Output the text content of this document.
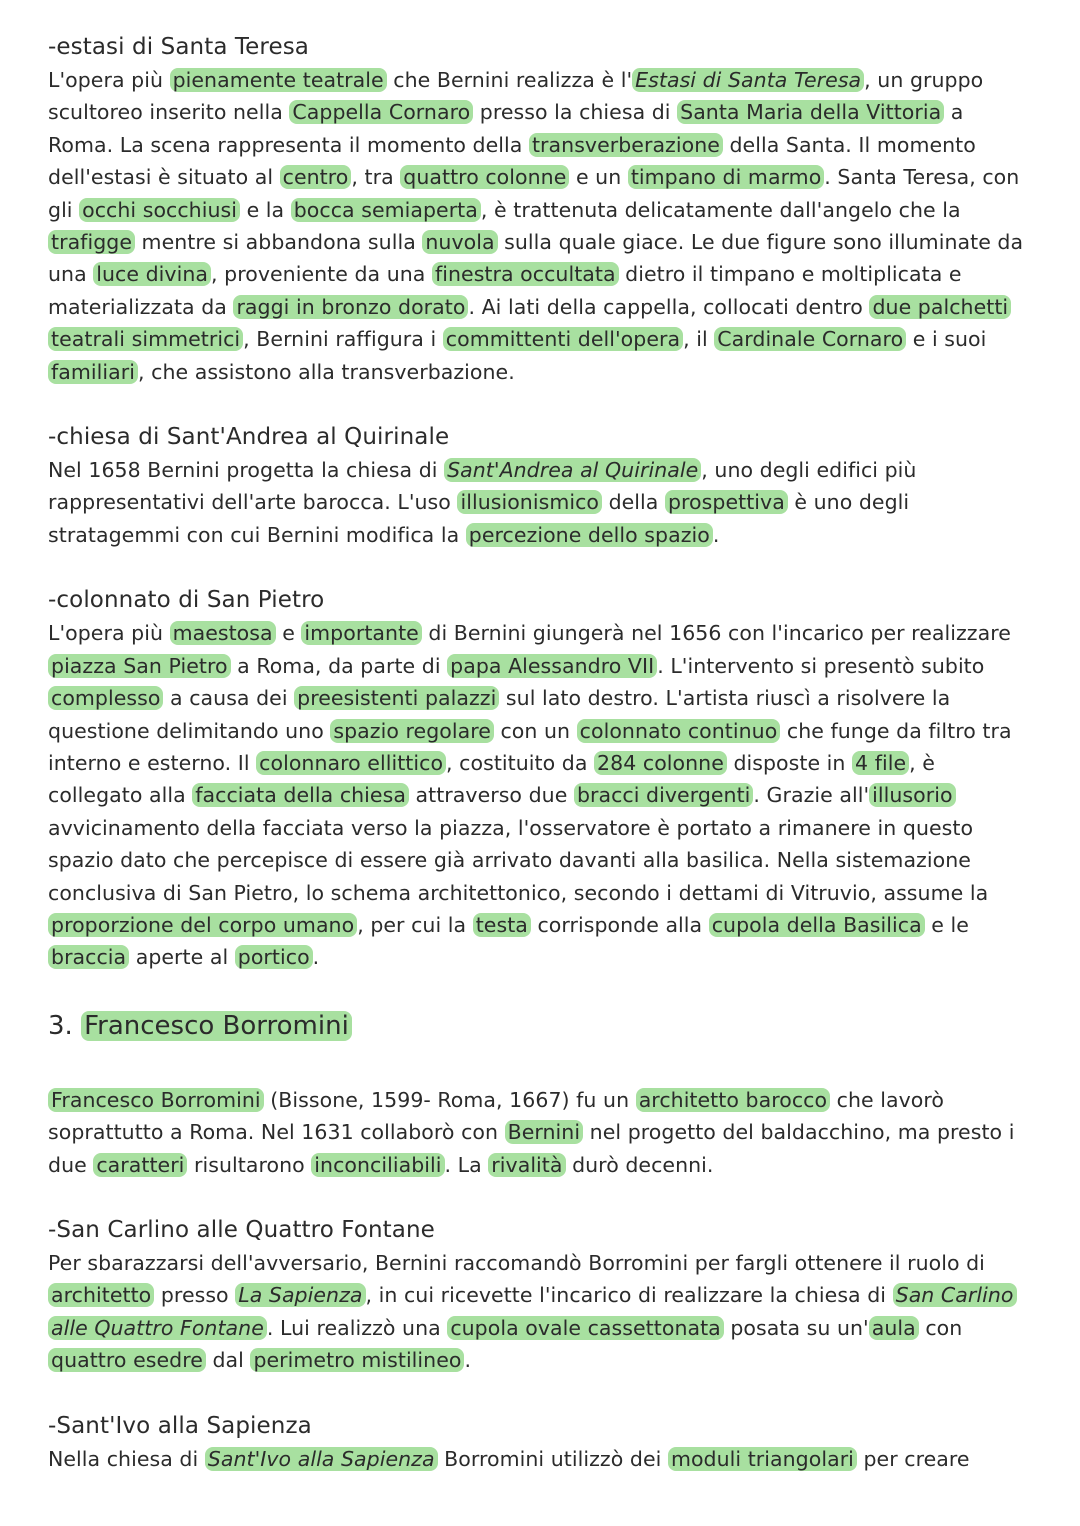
-estasi di Santa Teresa

L'opera più pienamente teatrale che Bernini realizza è l' Estasi di Santa Teresa , un gruppo scultoreo inserito nella Cappella Cornaro presso la chiesa di Santa Maria della Vittoria a Roma. La scena rappresenta il momento della transverberazione della Santa. Il momento dell'estasi è situato al centro , tra quattro colonne e un timpano di marmo . Santa Teresa, con gli occhi socchiusi e la bocca semiaperta , è trattenuta delicatamente dall'angelo che la trafigge mentre si abbandona sulla nuvola sulla quale giace. Le due figure sono illuminate da una luce divina , proveniente da una finestra occultata dietro il timpano e moltiplicata e materializzata da raggi in bronzo dorato . Ai lati della cappella, collocati dentro due palchetti teatrali simmetrici , Bernini raffigura i committenti dell'opera , il Cardinale Cornaro e i suoi familiari , che assistono alla transverbazione.

-chiesa di Sant'Andrea al Quirinale

Nel 1658 Bernini progetta la chiesa di Sant'Andrea al Quirinale , uno degli edifici più rappresentativi dell'arte barocca. L'uso illusionismico della prospettiva è uno degli stratagemmi con cui Bernini modifica la percezione dello spazio .

-colonnato di San Pietro

L'opera più maestosa e importante di Bernini giungerà nel 1656 con l'incarico per realizzare piazza San Pietro a Roma, da parte di papa Alessandro VII . L'intervento si presentò subito complesso a causa dei preesistenti palazzi sul lato destro. L'artista riuscì a risolvere la questione delimitando uno spazio regolare con un colonnato continuo che funge da filtro tra interno e esterno. Il colonnaro ellittico , costituito da 284 colonne disposte in 4 file , è collegato alla facciata della chiesa attraverso due bracci divergenti . Grazie all' illusorio avvicinamento della facciata verso la piazza, l'osservatore è portato a rimanere in questo spazio dato che percepisce di essere già arrivato davanti alla basilica. Nella sistemazione conclusiva di San Pietro, lo schema architettonico, secondo i dettami di Vitruvio, assume la proporzione del corpo umano , per cui la testa corrisponde alla cupola della Basilica e le braccia aperte al portico .

3. Francesco Borromini

Francesco Borromini (Bissone, 1599- Roma, 1667) fu un architetto barocco che lavorò soprattutto a Roma. Nel 1631 collaborò con Bernini nel progetto del baldacchino, ma presto i due caratteri risultarono inconciliabili . La rivalità durò decenni.

-San Carlino alle Quattro Fontane

Per sbarazzarsi dell'avversario, Bernini raccomandò Borromini per fargli ottenere il ruolo di architetto presso La Sapienza , in cui ricevette l'incarico di realizzare la chiesa di San Carlino alle Quattro Fontane . Lui realizzò una cupola ovale cassettonata posata su un' aula con quattro esedre dal perimetro mistilineo .

-Sant'Ivo alla Sapienza

Nella chiesa di Sant'Ivo alla Sapienza Borromini utilizzò dei moduli triangolari per creare
